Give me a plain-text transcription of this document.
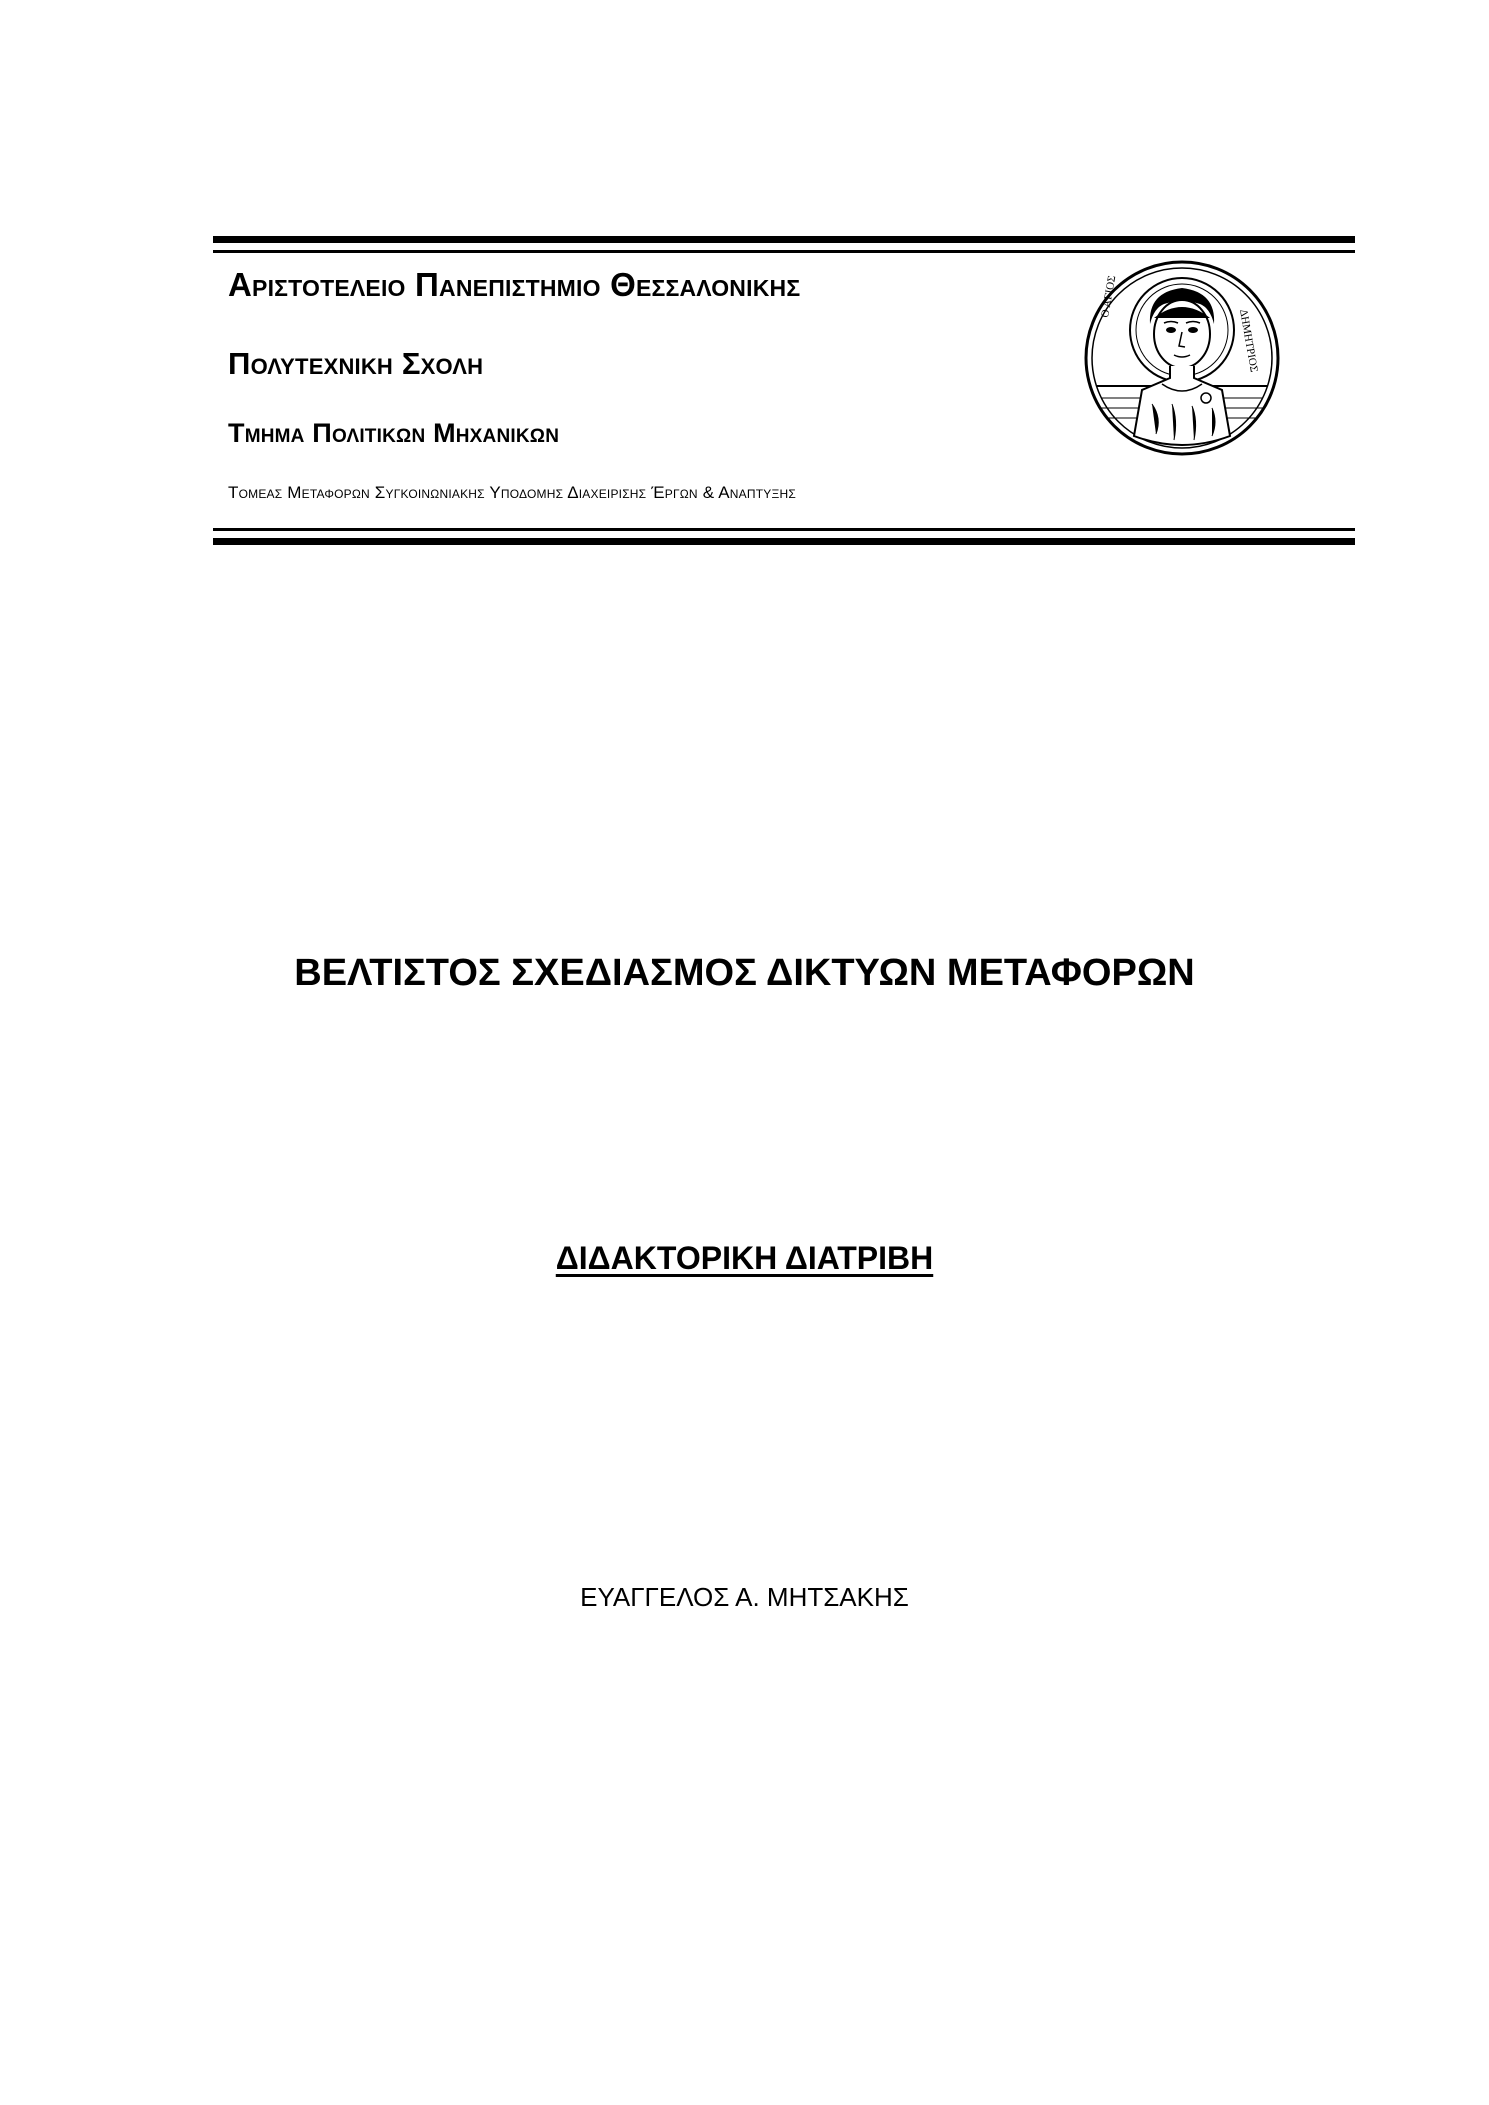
Αριστοτελειο Πανεπιστημιο Θεσσαλονικης

Πολυτεχνικη Σχολη

Τμημα Πολιτικων Μηχανικων

Τομεας Μεταφορων Συγκοινωνιακης Υποδομης Διαχειρισης Έργων & Αναπτυξης

Ο ΑΓΙΟΣ
ΔΗΜΗΤΡΙΟΣ
ΒΕΛΤΙΣΤΟΣ ΣΧΕΔΙΑΣΜΟΣ ΔΙΚΤΥΩΝ ΜΕΤΑΦΟΡΩΝ
ΔΙΔΑΚΤΟΡΙΚΗ ΔΙΑΤΡΙΒΗ

ΕΥΑΓΓΕΛΟΣ Α. ΜΗΤΣΑΚΗΣ
